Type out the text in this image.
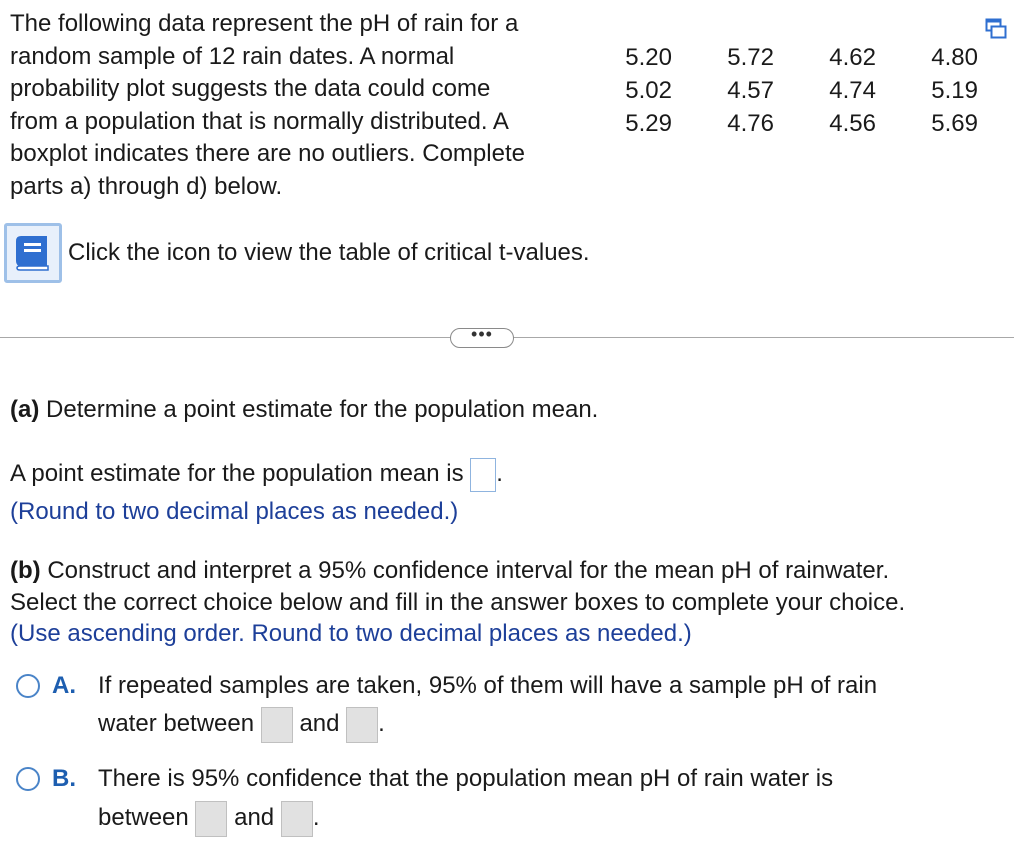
The following data represent the pH of rain for a
random sample of 12 rain dates. A normal
probability plot suggests the data could come
from a population that is normally distributed. A
boxplot indicates there are no outliers. Complete
parts a) through d) below.
5.20	5.72	4.62	4.80
5.02	4.57	4.74	5.19
5.29	4.76	4.56	5.69
Click the icon to view the table of critical t-values.
•••
(a) Determine a point estimate for the population mean.
A point estimate for the population mean is .
(Round to two decimal places as needed.)
(b) Construct and interpret a 95% confidence interval for the mean pH of rainwater.
Select the correct choice below and fill in the answer boxes to complete your choice.
(Use ascending order. Round to two decimal places as needed.)
A. If repeated samples are taken, 95% of them will have a sample pH of rain
water between and .
B. There is 95% confidence that the population mean pH of rain water is
between and .
